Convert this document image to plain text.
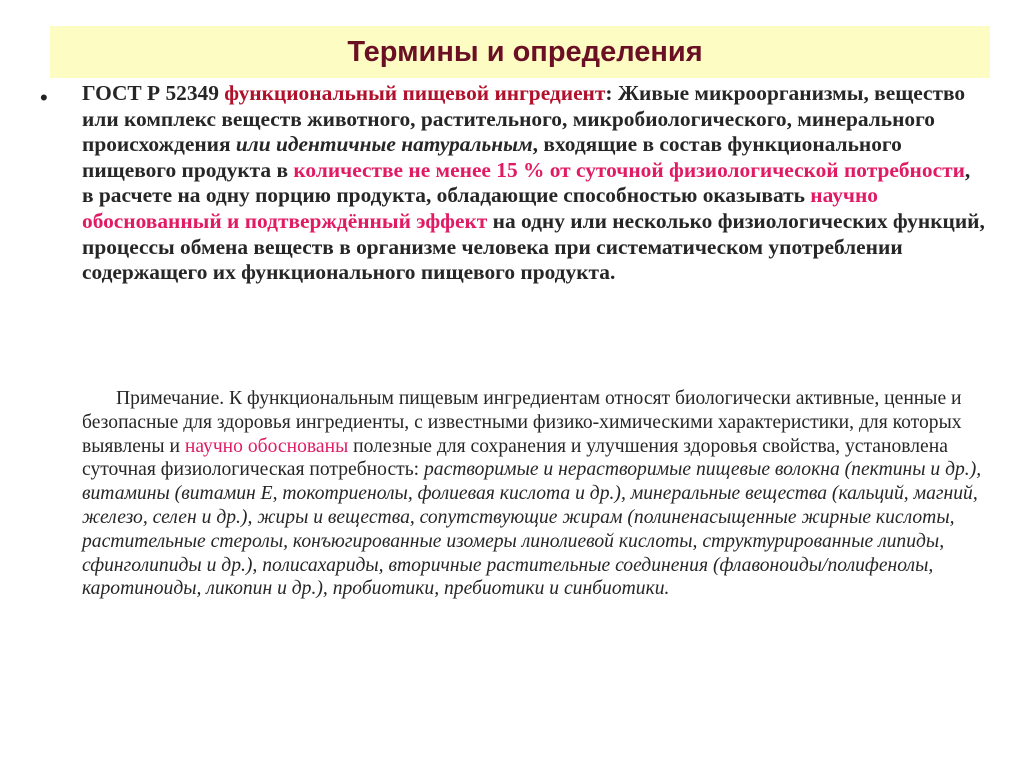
Термины и определения
• ГОСТ Р 52349 функциональный пищевой ингредиент: Живые микроорганизмы, вещество или комплекс веществ животного, растительного, микробиологического, минерального происхождения или идентичные натуральным, входящие в состав функционального пищевого продукта в количестве не менее 15 % от суточной физиологической потребности, в расчете на одну порцию продукта, обладающие способностью оказывать научно обоснованный и подтверждённый эффект на одну или несколько физиологических функций, процессы обмена веществ в организме человека при систематическом употреблении содержащего их функционального пищевого продукта.

Примечание. К функциональным пищевым ингредиентам относят биологически активные, ценные и безопасные для здоровья ингредиенты, с известными физико-химическими характеристики, для которых выявлены и научно обоснованы полезные для сохранения и улучшения здоровья свойства, установлена суточная физиологическая потребность: растворимые и нерастворимые пищевые волокна (пектины и др.), витамины (витамин Е, токотриенолы, фолиевая кислота и др.), минеральные вещества (кальций, магний, железо, селен и др.), жиры и вещества, сопутствующие жирам (полиненасыщенные жирные кислоты, растительные стеролы, конъюгированные изомеры линолиевой кислоты, структурированные липиды, сфинголипиды и др.), полисахариды, вторичные растительные соединения (флавоноиды/полифенолы, каротиноиды, ликопин и др.), пробиотики, пребиотики и синбиотики.
